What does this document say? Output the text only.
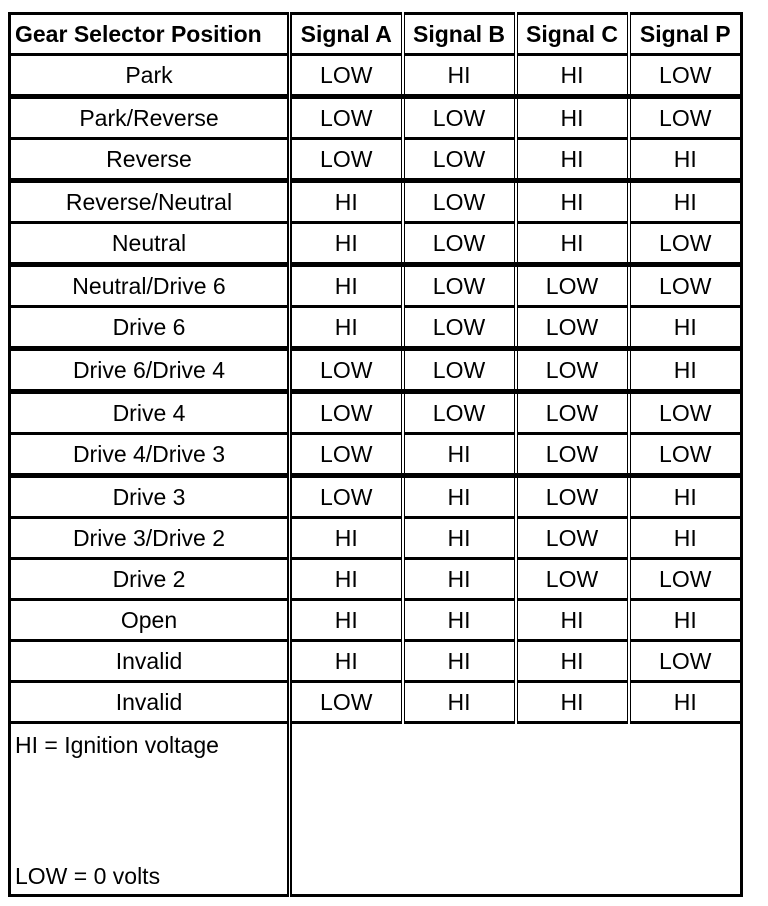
Gear Selector Position	Signal A	Signal B	Signal C	Signal P
Park	LOW	HI	HI	LOW
Park/Reverse	LOW	LOW	HI	LOW
Reverse	LOW	LOW	HI	HI
Reverse/Neutral	HI	LOW	HI	HI
Neutral	HI	LOW	HI	LOW
Neutral/Drive 6	HI	LOW	LOW	LOW
Drive 6	HI	LOW	LOW	HI
Drive 6/Drive 4	LOW	LOW	LOW	HI
Drive 4	LOW	LOW	LOW	LOW
Drive 4/Drive 3	LOW	HI	LOW	LOW
Drive 3	LOW	HI	LOW	HI
Drive 3/Drive 2	HI	HI	LOW	HI
Drive 2	HI	HI	LOW	LOW
Open	HI	HI	HI	HI
Invalid	HI	HI	HI	LOW
Invalid	LOW	HI	HI	HI

HI = Ignition voltage
LOW = 0 volts				
